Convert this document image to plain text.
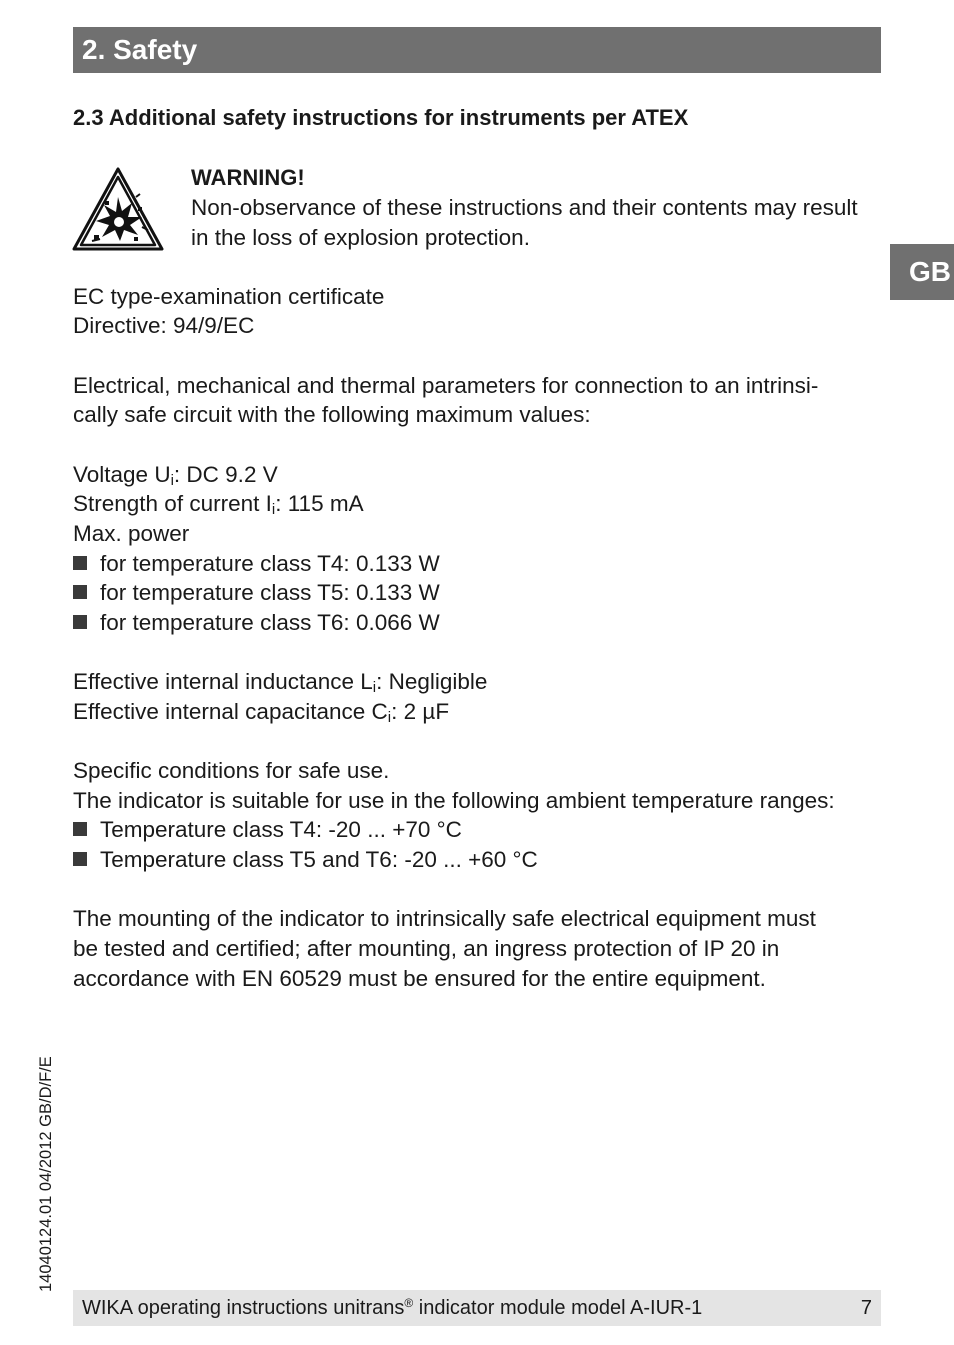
2. Safety
GB
2.3 Additional safety instructions for instruments per ATEX
WARNING!
Non-observance of these instructions and their contents may result in the loss of explosion protection.
EC type-examination certificate
Directive: 94/9/EC
Electrical, mechanical and thermal parameters for connection to an intrinsi-
cally safe circuit with the following maximum values:
Voltage $U_i$: DC 9.2 V
Strength of current $I_i$: 115 mA
Max. power
for temperature class T4: 0.133 W
for temperature class T5: 0.133 W
for temperature class T6: 0.066 W
Effective internal inductance $L_i$: Negligible
Effective internal capacitance $C_i$: 2 µF
Specific conditions for safe use.
The indicator is suitable for use in the following ambient temperature ranges:
Temperature class T4: -20 ... +70 °C
Temperature class T5 and T6: -20 ... +60 °C
The mounting of the indicator to intrinsically safe electrical equipment must
be tested and certified; after mounting, an ingress protection of IP 20 in
accordance with EN 60529 must be ensured for the entire equipment.
14040124.01 04/2012 GB/D/F/E
WIKA operating instructions unitrans® indicator module model A-IUR-1	7
